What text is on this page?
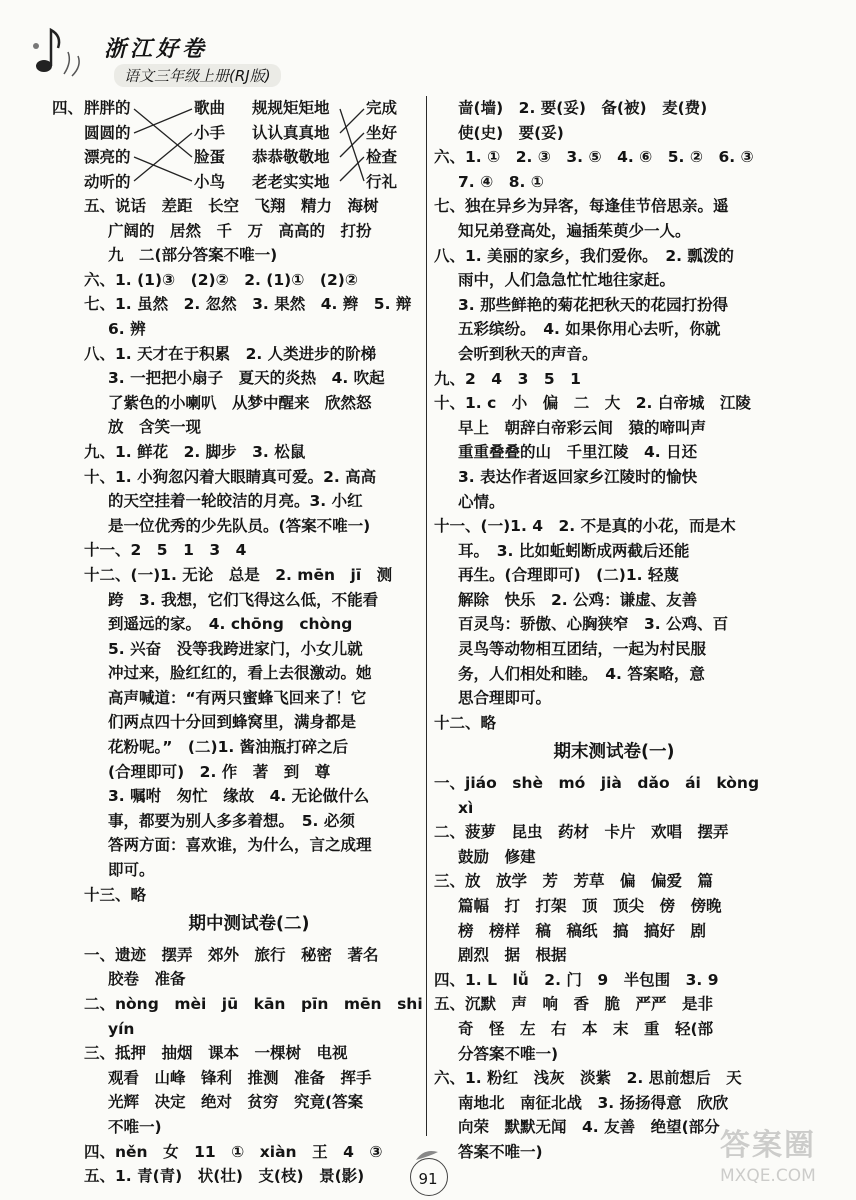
浙江好卷
语文三年级上册(RJ版)
四、 胖胖的
圆圆的
漂亮的
动听的
歌曲
小手
脸蛋
小鸟
规规矩矩地
认认真真地
恭恭敬敬地
老老实实地
完成
坐好
检查
行礼
五、说话　差距　长空　飞翔　精力　海树
广阔的　居然　千　万　高高的　打扮
九　二(部分答案不唯一)
六、1. (1)③　(2)②　2. (1)①　(2)②
七、1. 虽然　2. 忽然　3. 果然　4. 辫　5. 辩
6. 辨
八、1. 天才在于积累　2. 人类进步的阶梯
3. 一把把小扇子　夏天的炎热　4. 吹起
了紫色的小喇叭　从梦中醒来　欣然怒
放　含笑一现
九、1. 鲜花　2. 脚步　3. 松鼠
十、1. 小狗忽闪着大眼睛真可爱。2. 高高
的天空挂着一轮皎洁的月亮。3. 小红
是一位优秀的少先队员。(答案不唯一)
十一、2　5　1　3　4
十二、(一)1. 无论　总是　2. mēn　jī　测
跨　3. 我想，它们飞得这么低，不能看
到遥远的家。　4. chōng　chòng
5. 兴奋　没等我跨进家门，小女儿就
冲过来，脸红红的，看上去很激动。她
高声喊道：“有两只蜜蜂飞回来了！它
们两点四十分回到蜂窝里，满身都是
花粉呢。”　(二)1. 酱油瓶打碎之后
(合理即可)　2. 作　著　到　尊
3. 嘱咐　匆忙　缘故　4. 无论做什么
事，都要为别人多多着想。　5. 必须
答两方面：喜欢谁，为什么，言之成理
即可。
十三、略
期中测试卷(二)
一、遗迹　摆弄　郊外　旅行　秘密　著名
胶卷　准备
二、nòng　mèi　jū　kān　pīn　mēn　shi
yín
三、抵押　抽烟　课本　一棵树　电视
观看　山峰　锋利　推测　准备　挥手
光辉　决定　绝对　贫穷　究竟(答案
不唯一)
四、něn　女　11　①　xiàn　王　4　③
五、1. 青(青)　状(壮)　支(枝)　景(影)
啬(墙)　2. 要(妥)　备(被)　麦(费)
使(史)　要(妥)
六、1. ①　2. ③　3. ⑤　4. ⑥　5. ②　6. ③
7. ④　8. ①
七、独在异乡为异客，每逢佳节倍思亲。遥
知兄弟登高处，遍插茱萸少一人。
八、1. 美丽的家乡，我们爱你。　2. 瓢泼的
雨中，人们急急忙忙地往家赶。
3. 那些鲜艳的菊花把秋天的花园打扮得
五彩缤纷。　4. 如果你用心去听，你就
会听到秋天的声音。
九、2　4　3　5　1
十、1. c　小　偏　二　大　2. 白帝城　江陵
早上　朝辞白帝彩云间　猿的啼叫声
重重叠叠的山　千里江陵　4. 日还
3. 表达作者返回家乡江陵时的愉快
心情。
十一、(一)1. 4　2. 不是真的小花，而是木
耳。　3. 比如蚯蚓断成两截后还能
再生。(合理即可)　(二)1. 轻蔑
解除　快乐　2. 公鸡：谦虚、友善
百灵鸟：骄傲、心胸狭窄　3. 公鸡、百
灵鸟等动物相互团结，一起为村民服
务，人们相处和睦。　4. 答案略，意
思合理即可。
十二、略
期末测试卷(一)
一、jiáo　shè　mó　jià　dǎo　ái　kòng
xì
二、菠萝　昆虫　药材　卡片　欢唱　摆弄
鼓励　修建
三、放　放学　芳　芳草　偏　偏爱　篇
篇幅　打　打架　顶　顶尖　傍　傍晚
榜　榜样　稿　稿纸　搞　搞好　剧
剧烈　据　根据
四、1. L　lǚ　2. 门　9　半包围　3. 9
五、沉默　声　响　香　脆　严严　是非
奇　怪　左　右　本　末　重　轻(部
分答案不唯一)
六、1. 粉红　浅灰　淡紫　2. 思前想后　天
南地北　南征北战　3. 扬扬得意　欣欣
向荣　默默无闻　4. 友善　绝望(部分
答案不唯一)
91
答案圈
MXQE.COM
